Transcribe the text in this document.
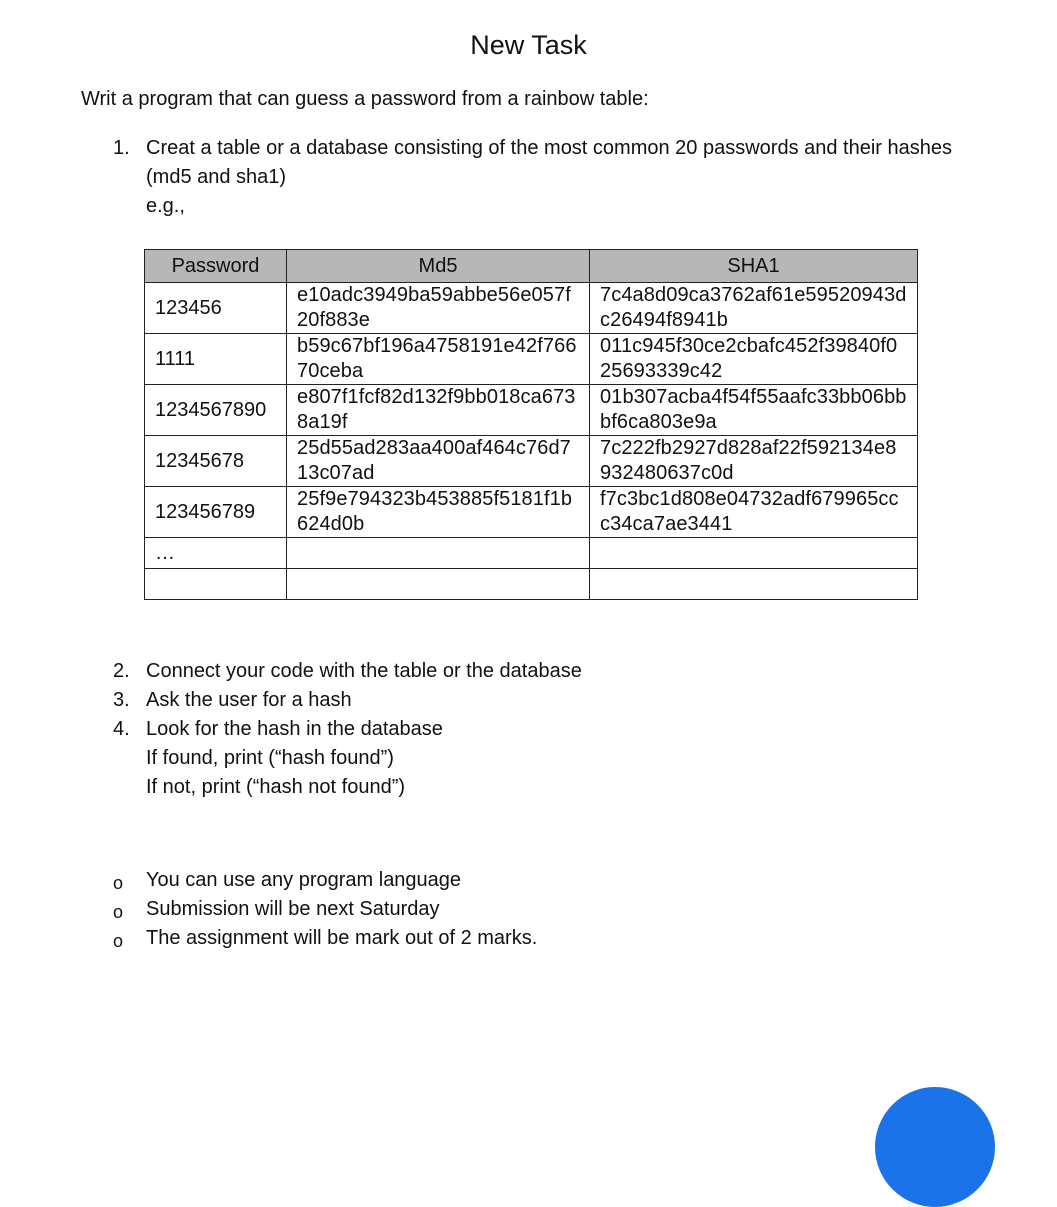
New Task
Writ a program that can guess a password from a rainbow table:
1. Creat a table or a database consisting of the most common 20 passwords and their hashes (md5 and sha1)
e.g.,
Password	Md5	SHA1
123456	e10adc3949ba59abbe56e057f20f883e	7c4a8d09ca3762af61e59520943dc26494f8941b
1111	b59c67bf196a4758191e42f76670ceba	011c945f30ce2cbafc452f39840f025693339c42
1234567890	e807f1fcf82d132f9bb018ca6738a19f	01b307acba4f54f55aafc33bb06bbbf6ca803e9a
12345678	25d55ad283aa400af464c76d713c07ad	7c222fb2927d828af22f592134e8932480637c0d
123456789	25f9e794323b453885f5181f1b624d0b	f7c3bc1d808e04732adf679965ccc34ca7ae3441
…		

2. Connect your code with the table or the database
3. Ask the user for a hash
4. Look for the hash in the database
If found, print (“hash found”)
If not, print (“hash not found”)
o You can use any program language
o Submission will be next Saturday
o The assignment will be mark out of 2 marks.
